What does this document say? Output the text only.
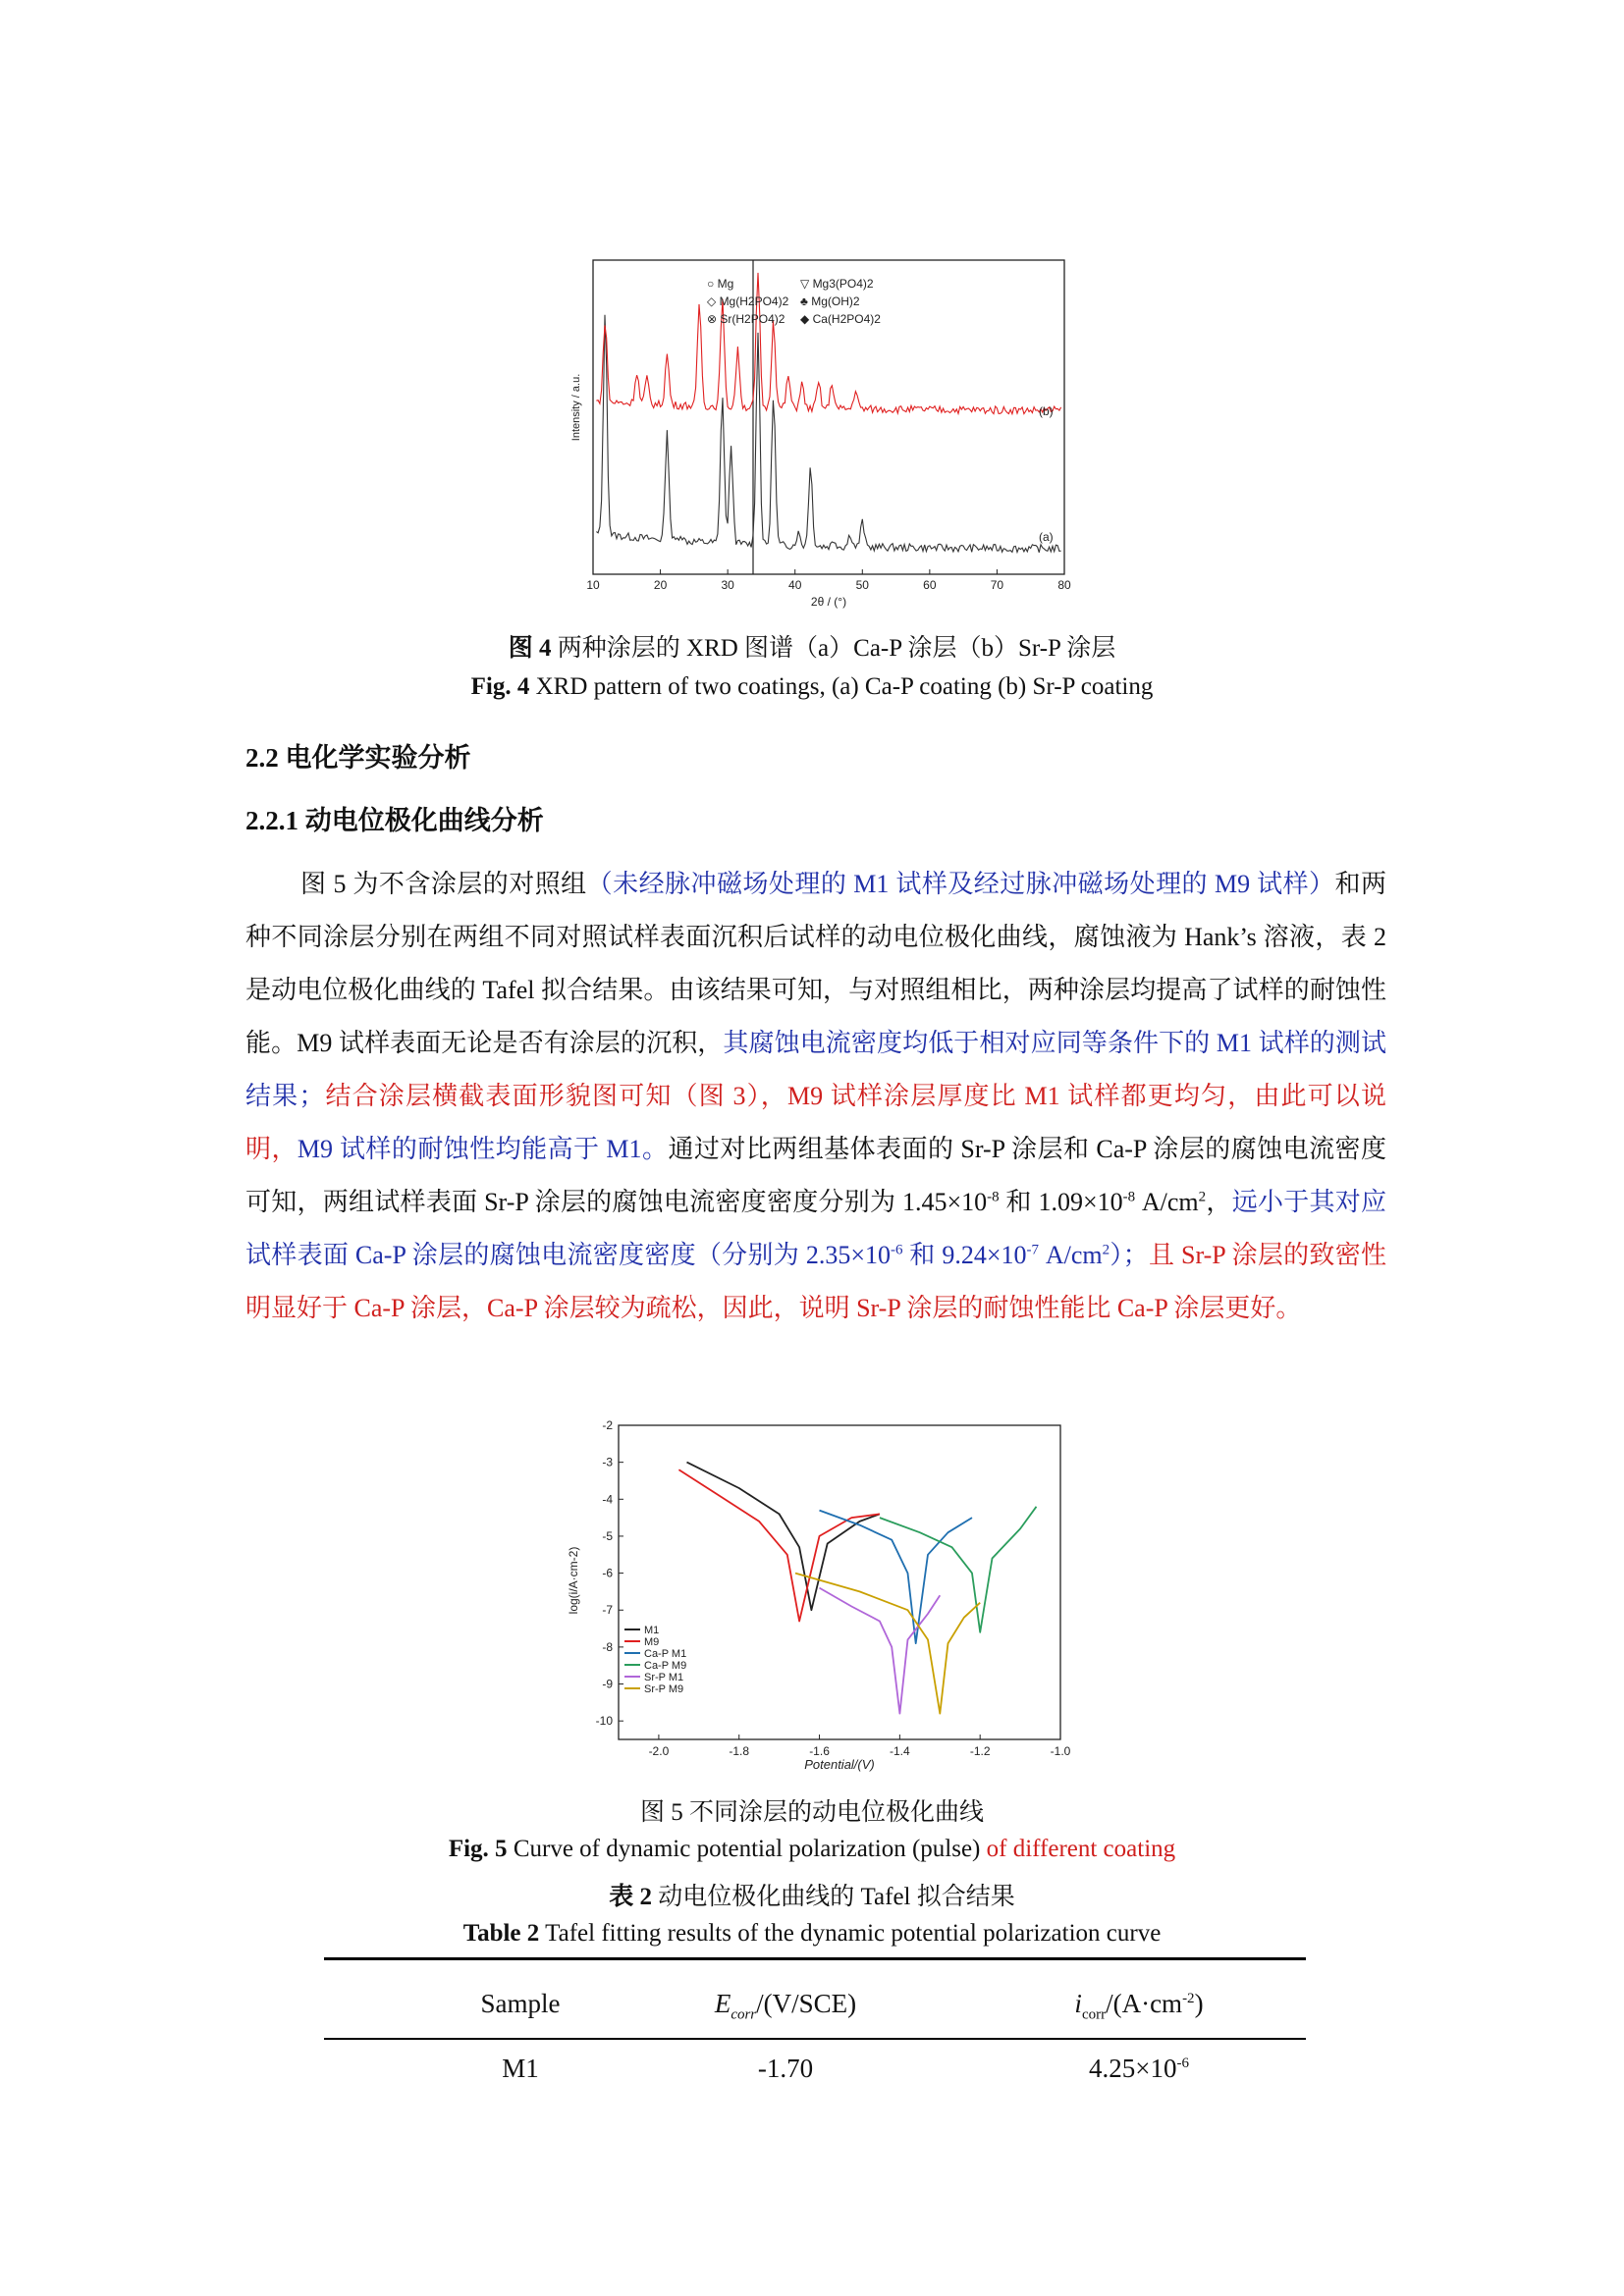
10	20	30	40	50	60	70	80
Intensity / a.u.
2θ / (°)
○ Mg	▽ Mg3(PO4)2
◇ Mg(H2PO4)2 ♣ Mg(OH)2
⊗ Sr(H2PO4)2 ◆ Ca(H2PO4)2
(b)
(a)
图 4 两种涂层的 XRD 图谱（a）Ca-P 涂层（b）Sr-P 涂层
Fig. 4 XRD pattern of two coatings, (a) Ca-P coating (b) Sr-P coating
2.2 电化学实验分析
2.2.1 动电位极化曲线分析

图 5 为不含涂层的对照组（未经脉冲磁场处理的 M1 试样及经过脉冲磁场处理的 M9 试样）和两种不同涂层分别在两组不同对照试样表面沉积后试样的动电位极化曲线，腐蚀液为 Hank’s 溶液，表 2 是动电位极化曲线的 Tafel 拟合结果。由该结果可知，与对照组相比，两种涂层均提高了试样的耐蚀性能。M9 试样表面无论是否有涂层的沉积，其腐蚀电流密度均低于相对应同等条件下的 M1 试样的测试结果；结合涂层横截表面形貌图可知（图 3），M9 试样涂层厚度比 M1 试样都更均匀，由此可以说明，M9 试样的耐蚀性均能高于 M1。通过对比两组基体表面的 Sr-P 涂层和 Ca-P 涂层的腐蚀电流密度可知，两组试样表面 Sr-P 涂层的腐蚀电流密度密度分别为 $1.45\times 10^{-8}$ 和 $1.09\times 10^{-8}$ $A/cm^2$，远小于其对应试样表面 Ca-P 涂层的腐蚀电流密度密度（分别为 $2.35\times 10^{-6}$ 和 $9.24\times 10^{-7}$ $A/cm^2$）；且 Sr-P 涂层的致密性明显好于 Ca-P 涂层，Ca-P 涂层较为疏松，因此，说明 Sr-P 涂层的耐蚀性能比 Ca-P 涂层更好。

-2.0	-1.8	-1.6	-1.4	-1.2	-1.0
-2
-3
-4
-5
-6
-7
-8
-9
-10
log(i/A·cm-2)
Potential/(V)
M1
M9
Ca-P M1
Ca-P M9
Sr-P M1
Sr-P M9
图 5 不同涂层的动电位极化曲线
Fig. 5 Curve of dynamic potential polarization (pulse) of different coating
表 2 动电位极化曲线的 Tafel 拟合结果
Table 2 Tafel fitting results of the dynamic potential polarization curve
Sample	$E_{corr}/(V/SCE)$	$i_{corr}/(A\cdot cm^{-2})$
M1	-1.70	$4.25\times 10^{-6}$
